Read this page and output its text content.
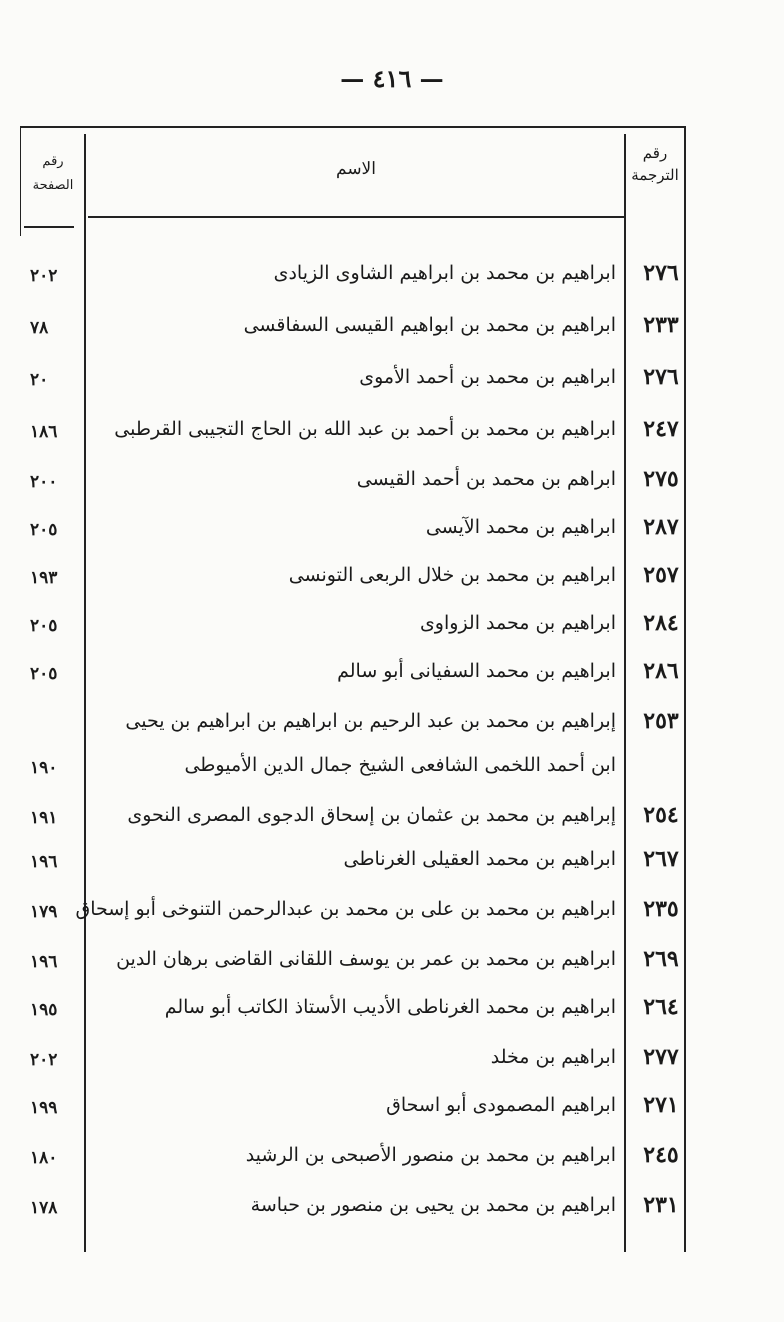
— ٤١٦ —
رقم
الترجمة
الاسم
رقم
الصفحة
٢٧٦
ابراهيم بن محمد بن ابراهيم الشاوى الزيادى
٢٠٢
٢٣٣
ابراهيم بن محمد بن ابواهيم القيسى السفاقسى
٧٨
٢٧٦
ابراهيم بن محمد بن أحمد الأموى
٢٠
٢٤٧
ابراهيم بن محمد بن أحمد بن عبد الله بن الحاج التجيبى القرطبى
١٨٦
٢٧٥
ابراهم بن محمد بن أحمد القيسى
٢٠٠
٢٨٧
ابراهيم بن محمد الآيسى
٢٠٥
٢٥٧
ابراهيم بن محمد بن خلال الربعى التونسى
١٩٣
٢٨٤
ابراهيم بن محمد الزواوى
٢٠٥
٢٨٦
ابراهيم بن محمد السفيانى أبو سالم
٢٠٥
٢٥٣
إبراهيم بن محمد بن عبد الرحيم بن ابراهيم بن ابراهيم بن يحيى
ابن أحمد اللخمى الشافعى الشيخ جمال الدين الأميوطى
١٩٠
٢٥٤
إبراهيم بن محمد بن عثمان بن إسحاق الدجوى المصرى النحوى
١٩١
٢٦٧
ابراهيم بن محمد العقيلى الغرناطى
١٩٦
٢٣٥
ابراهيم بن محمد بن على بن محمد بن عبدالرحمن التنوخى أبو إسحاق
١٧٩
٢٦٩
ابراهيم بن محمد بن عمر بن يوسف اللقانى القاضى برهان الدين
١٩٦
٢٦٤
ابراهيم بن محمد الغرناطى الأديب الأستاذ الكاتب أبو سالم
١٩٥
٢٧٧
ابراهيم بن مخلد
٢٠٢
٢٧١
ابراهيم المصمودى أبو اسحاق
١٩٩
٢٤٥
ابراهيم بن محمد بن منصور الأصبحى بن الرشيد
١٨٠
٢٣١
ابراهيم بن محمد بن يحيى بن منصور بن حباسة
١٧٨
